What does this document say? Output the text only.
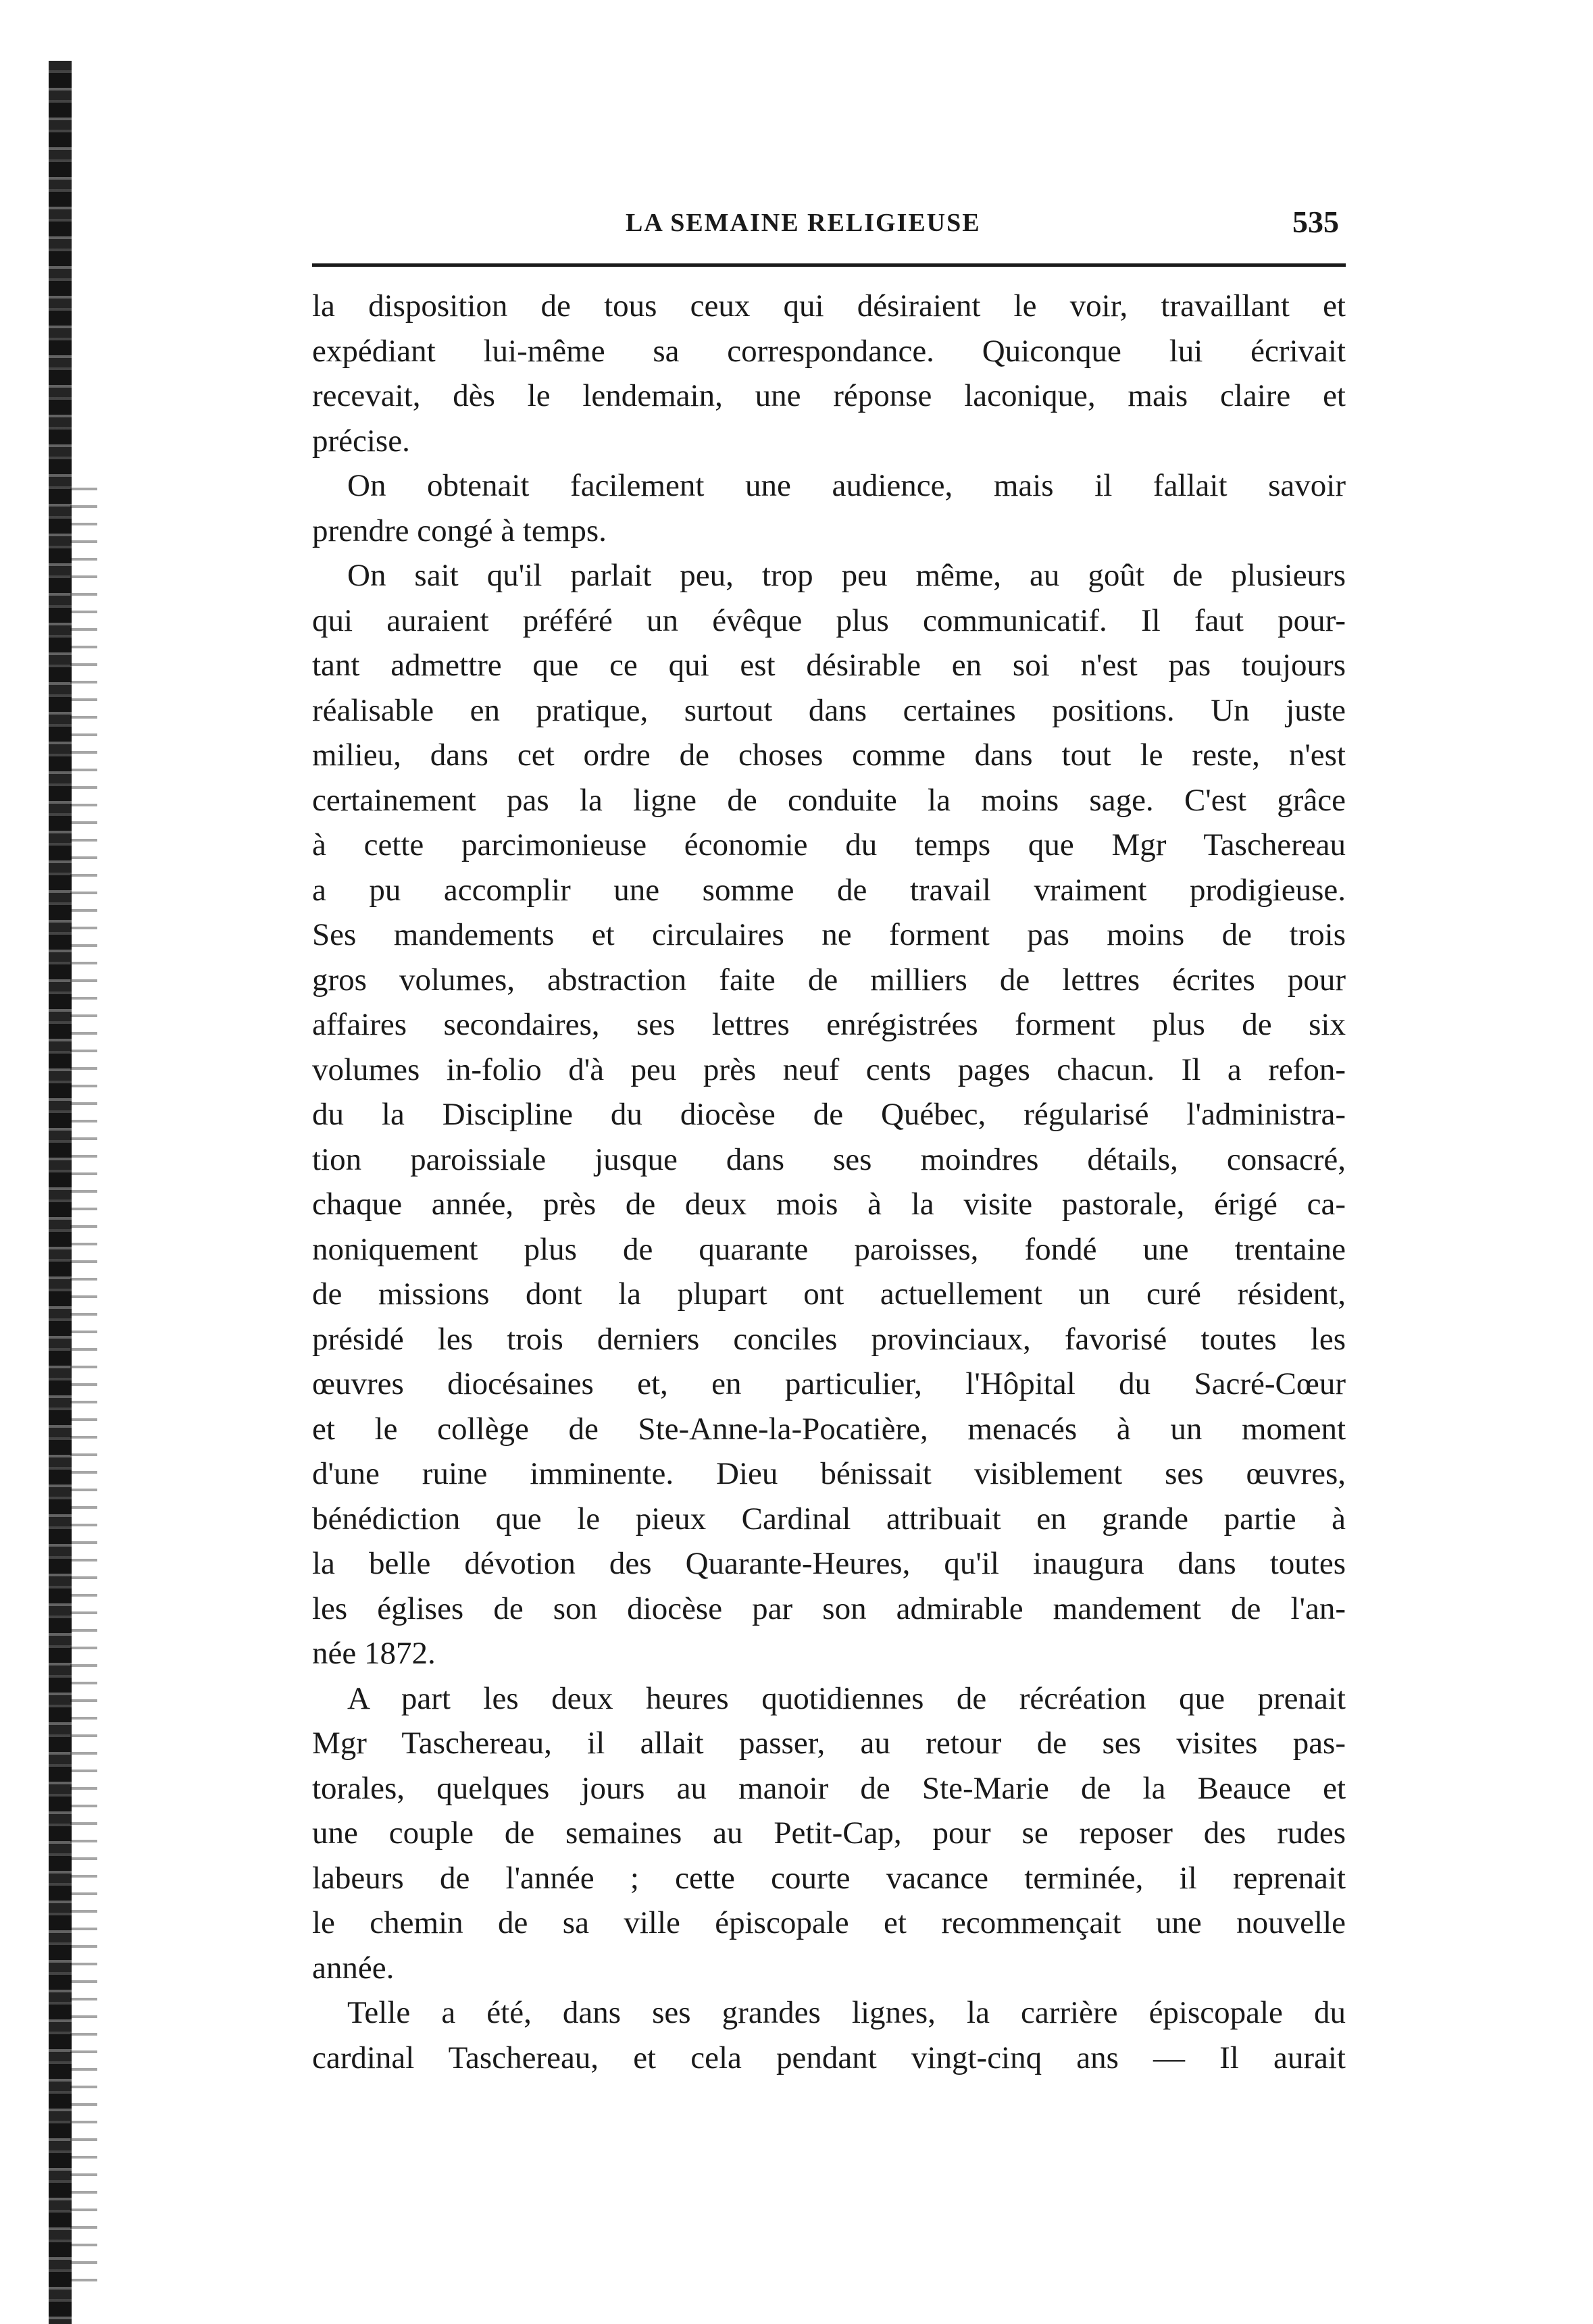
LA SEMAINE RELIGIEUSE	535
la disposition de tous ceux qui désiraient le voir, travaillant et
expédiant lui-même sa correspondance. Quiconque lui écrivait
recevait, dès le lendemain, une réponse laconique, mais claire et
précise.
On obtenait facilement une audience, mais il fallait savoir
prendre congé à temps.
On sait qu'il parlait peu, trop peu même, au goût de plusieurs
qui auraient préféré un évêque plus communicatif. Il faut pour-
tant admettre que ce qui est désirable en soi n'est pas toujours
réalisable en pratique, surtout dans certaines positions. Un juste
milieu, dans cet ordre de choses comme dans tout le reste, n'est
certainement pas la ligne de conduite la moins sage. C'est grâce
à cette parcimonieuse économie du temps que Mgr Taschereau
a pu accomplir une somme de travail vraiment prodigieuse.
Ses mandements et circulaires ne forment pas moins de trois
gros volumes, abstraction faite de milliers de lettres écrites pour
affaires secondaires, ses lettres enrégistrées forment plus de six
volumes in-folio d'à peu près neuf cents pages chacun. Il a refon-
du la Discipline du diocèse de Québec, régularisé l'administra-
tion paroissiale jusque dans ses moindres détails, consacré,
chaque année, près de deux mois à la visite pastorale, érigé ca-
noniquement plus de quarante paroisses, fondé une trentaine
de missions dont la plupart ont actuellement un curé résident,
présidé les trois derniers conciles provinciaux, favorisé toutes les
œuvres diocésaines et, en particulier, l'Hôpital du Sacré-Cœur
et le collège de Ste-Anne-la-Pocatière, menacés à un moment
d'une ruine imminente. Dieu bénissait visiblement ses œuvres,
bénédiction que le pieux Cardinal attribuait en grande partie à
la belle dévotion des Quarante-Heures, qu'il inaugura dans toutes
les églises de son diocèse par son admirable mandement de l'an-
née 1872.
A part les deux heures quotidiennes de récréation que prenait
Mgr Taschereau, il allait passer, au retour de ses visites pas-
torales, quelques jours au manoir de Ste-Marie de la Beauce et
une couple de semaines au Petit-Cap, pour se reposer des rudes
labeurs de l'année ; cette courte vacance terminée, il reprenait
le chemin de sa ville épiscopale et recommençait une nouvelle
année.
Telle a été, dans ses grandes lignes, la carrière épiscopale du
cardinal Taschereau, et cela pendant vingt-cinq ans — Il aurait
